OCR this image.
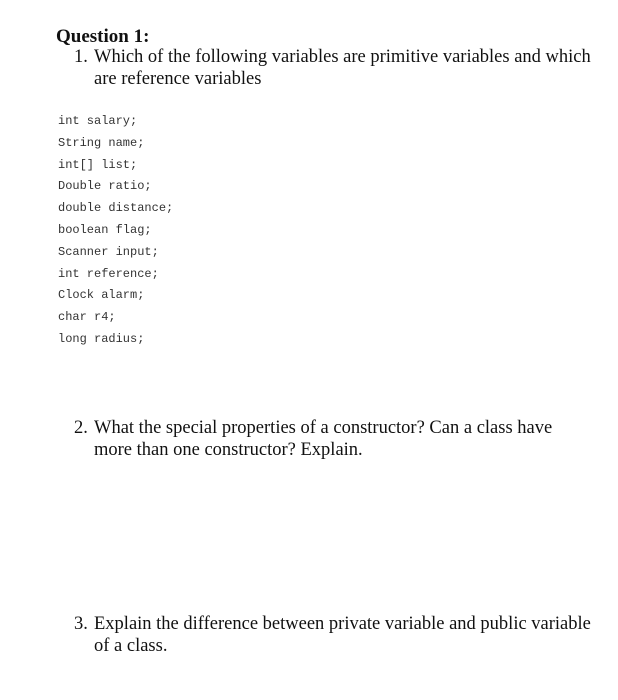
Question 1:
1. Which of the following variables are primitive variables and which are reference variables
int salary;
String name;
int[] list;
Double ratio;
double distance;
boolean flag;
Scanner input;
int reference;
Clock alarm;
char r4;
long radius;
2. What the special properties of a constructor? Can a class have more than one constructor? Explain.
3. Explain the difference between private variable and public variable of a class.
